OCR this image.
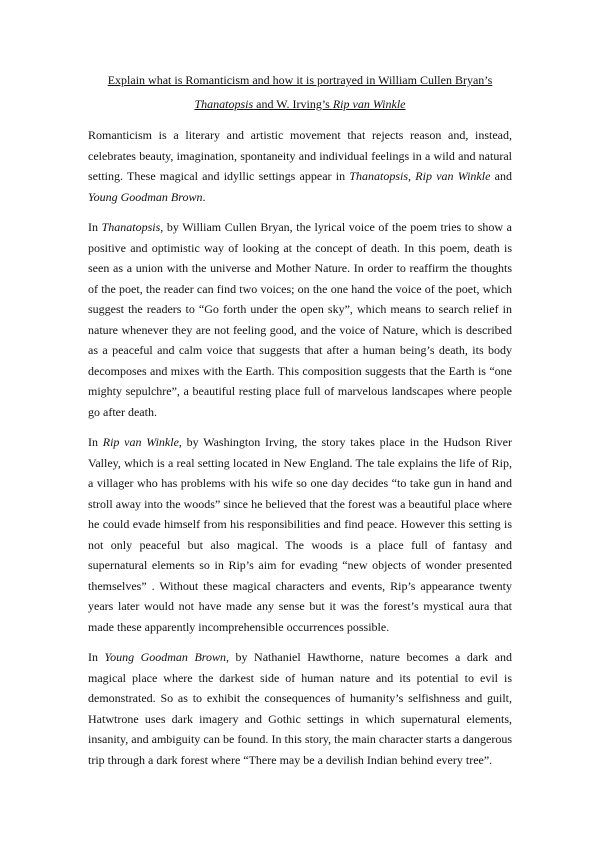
Explain what is Romanticism and how it is portrayed in William Cullen Bryan’s
Thanatopsis and W. Irving’s Rip van Winkle

Romanticism is a literary and artistic movement that rejects reason and, instead, celebrates beauty, imagination, spontaneity and individual feelings in a wild and natural setting. These magical and idyllic settings appear in Thanatopsis, Rip van Winkle and Young Goodman Brown.

In Thanatopsis, by William Cullen Bryan, the lyrical voice of the poem tries to show a positive and optimistic way of looking at the concept of death. In this poem, death is seen as a union with the universe and Mother Nature. In order to reaffirm the thoughts of the poet, the reader can find two voices; on the one hand the voice of the poet, which suggest the readers to “Go forth under the open sky”, which means to search relief in nature whenever they are not feeling good, and the voice of Nature, which is described as a peaceful and calm voice that suggests that after a human being’s death, its body decomposes and mixes with the Earth. This composition suggests that the Earth is “one mighty sepulchre”, a beautiful resting place full of marvelous landscapes where people go after death.

In Rip van Winkle, by Washington Irving, the story takes place in the Hudson River Valley, which is a real setting located in New England. The tale explains the life of Rip, a villager who has problems with his wife so one day decides “to take gun in hand and stroll away into the woods” since he believed that the forest was a beautiful place where he could evade himself from his responsibilities and find peace. However this setting is not only peaceful but also magical. The woods is a place full of fantasy and supernatural elements so in Rip’s aim for evading “new objects of wonder presented themselves” . Without these magical characters and events, Rip’s appearance twenty years later would not have made any sense but it was the forest’s mystical aura that made these apparently incomprehensible occurrences possible.

In Young Goodman Brown, by Nathaniel Hawthorne, nature becomes a dark and magical place where the darkest side of human nature and its potential to evil is demonstrated. So as to exhibit the consequences of humanity’s selfishness and guilt, Hatwtrone uses dark imagery and Gothic settings in which supernatural elements, insanity, and ambiguity can be found. In this story, the main character starts a dangerous trip through a dark forest where “There may be a devilish Indian behind every tree”.
